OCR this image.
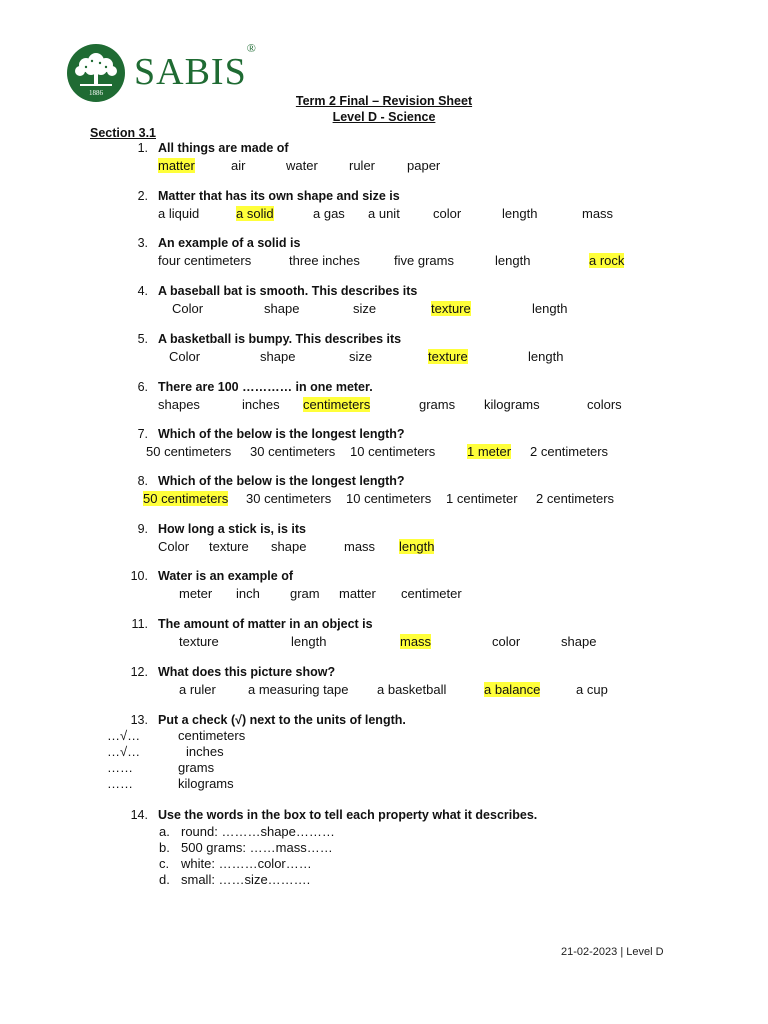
1886 SABIS®
Term 2 Final – Revision Sheet
Level D - Science
Section 3.1
1. All things are made of
matter	air	water ruler paper
2. Matter that has its own shape and size is
a liquid	a solid	a gas a unit	color	length	mass
3. An example of a solid is
four centimeters	three inches	five grams	length	a rock
4. A baseball bat is smooth. This describes its
Color	shape	size	texture	length
5. A basketball is bumpy. This describes its
Color	shape	size	texture	length
6. There are 100 ………… in one meter.
shapes	inches centimeters	grams kilograms	colors
7. Which of the below is the longest length?
50 centimeters 30 centimeters 10 centimeters 1 meter 2 centimeters
8. Which of the below is the longest length?
50 centimeters 30 centimeters 10 centimeters 1 centimeter 2 centimeters
9. How long a stick is, is its
Color texture shape	mass length
10. Water is an example of
meter inch gram matter centimeter
11. The amount of matter in an object is
texture	length	mass	color	shape
12. What does this picture show?
a ruler a measuring tape a basketball	a balance	a cup
13. Put a check (√) next to the units of length.
14. Use the words in the box to tell each property what it describes.
…√…	centimeters
…√…	inches
……	grams
……	kilograms
a. round: ………shape………
b. 500 grams: ……mass……
c. white: ………color……
d. small: ……size……….
21-02-2023 | Level D
